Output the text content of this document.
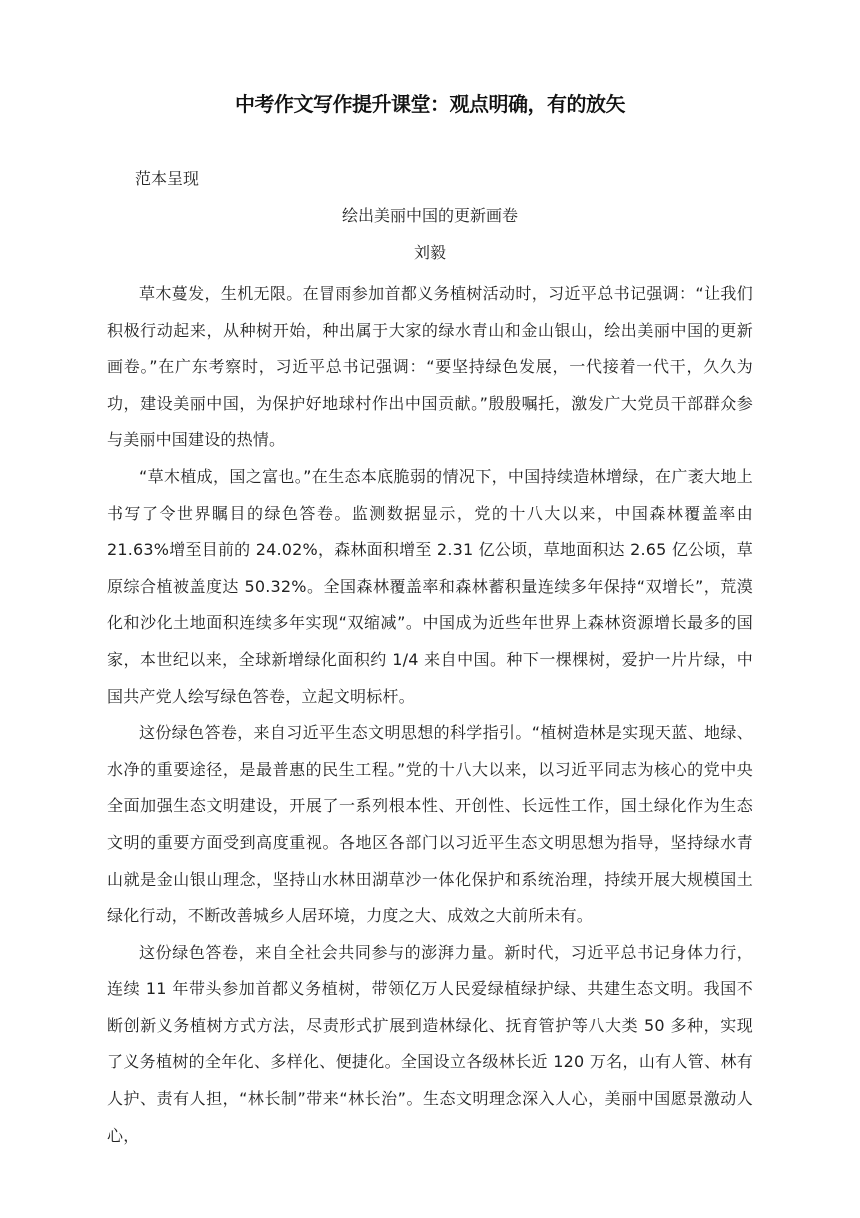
中考作文写作提升课堂：观点明确，有的放矢
范本呈现
绘出美丽中国的更新画卷
刘毅

草木蔓发，生机无限。在冒雨参加首都义务植树活动时，习近平总书记强调：“让我们积极行动起来，从种树开始，种出属于大家的绿水青山和金山银山，绘出美丽中国的更新画卷。”在广东考察时，习近平总书记强调：“要坚持绿色发展，一代接着一代干，久久为功，建设美丽中国，为保护好地球村作出中国贡献。”殷殷嘱托，激发广大党员干部群众参与美丽中国建设的热情。

“草木植成，国之富也。”在生态本底脆弱的情况下，中国持续造林增绿，在广袤大地上书写了令世界瞩目的绿色答卷。监测数据显示，党的十八大以来，中国森林覆盖率由21.63%增至目前的 24.02%，森林面积增至 2.31 亿公顷，草地面积达 2.65 亿公顷，草原综合植被盖度达 50.32%。全国森林覆盖率和森林蓄积量连续多年保持“双增长”，荒漠化和沙化土地面积连续多年实现“双缩减”。中国成为近些年世界上森林资源增长最多的国家，本世纪以来，全球新增绿化面积约 1/4 来自中国。种下一棵棵树，爱护一片片绿，中国共产党人绘写绿色答卷，立起文明标杆。

这份绿色答卷，来自习近平生态文明思想的科学指引。“植树造林是实现天蓝、地绿、水净的重要途径，是最普惠的民生工程。”党的十八大以来，以习近平同志为核心的党中央全面加强生态文明建设，开展了一系列根本性、开创性、长远性工作，国土绿化作为生态文明的重要方面受到高度重视。各地区各部门以习近平生态文明思想为指导，坚持绿水青山就是金山银山理念，坚持山水林田湖草沙一体化保护和系统治理，持续开展大规模国土绿化行动，不断改善城乡人居环境，力度之大、成效之大前所未有。

这份绿色答卷，来自全社会共同参与的澎湃力量。新时代，习近平总书记身体力行，连续 11 年带头参加首都义务植树，带领亿万人民爱绿植绿护绿、共建生态文明。我国不断创新义务植树方式方法，尽责形式扩展到造林绿化、抚育管护等八大类 50 多种，实现了义务植树的全年化、多样化、便捷化。全国设立各级林长近 120 万名，山有人管、林有人护、责有人担，“林长制”带来“林长治”。生态文明理念深入人心，美丽中国愿景激动人心，
